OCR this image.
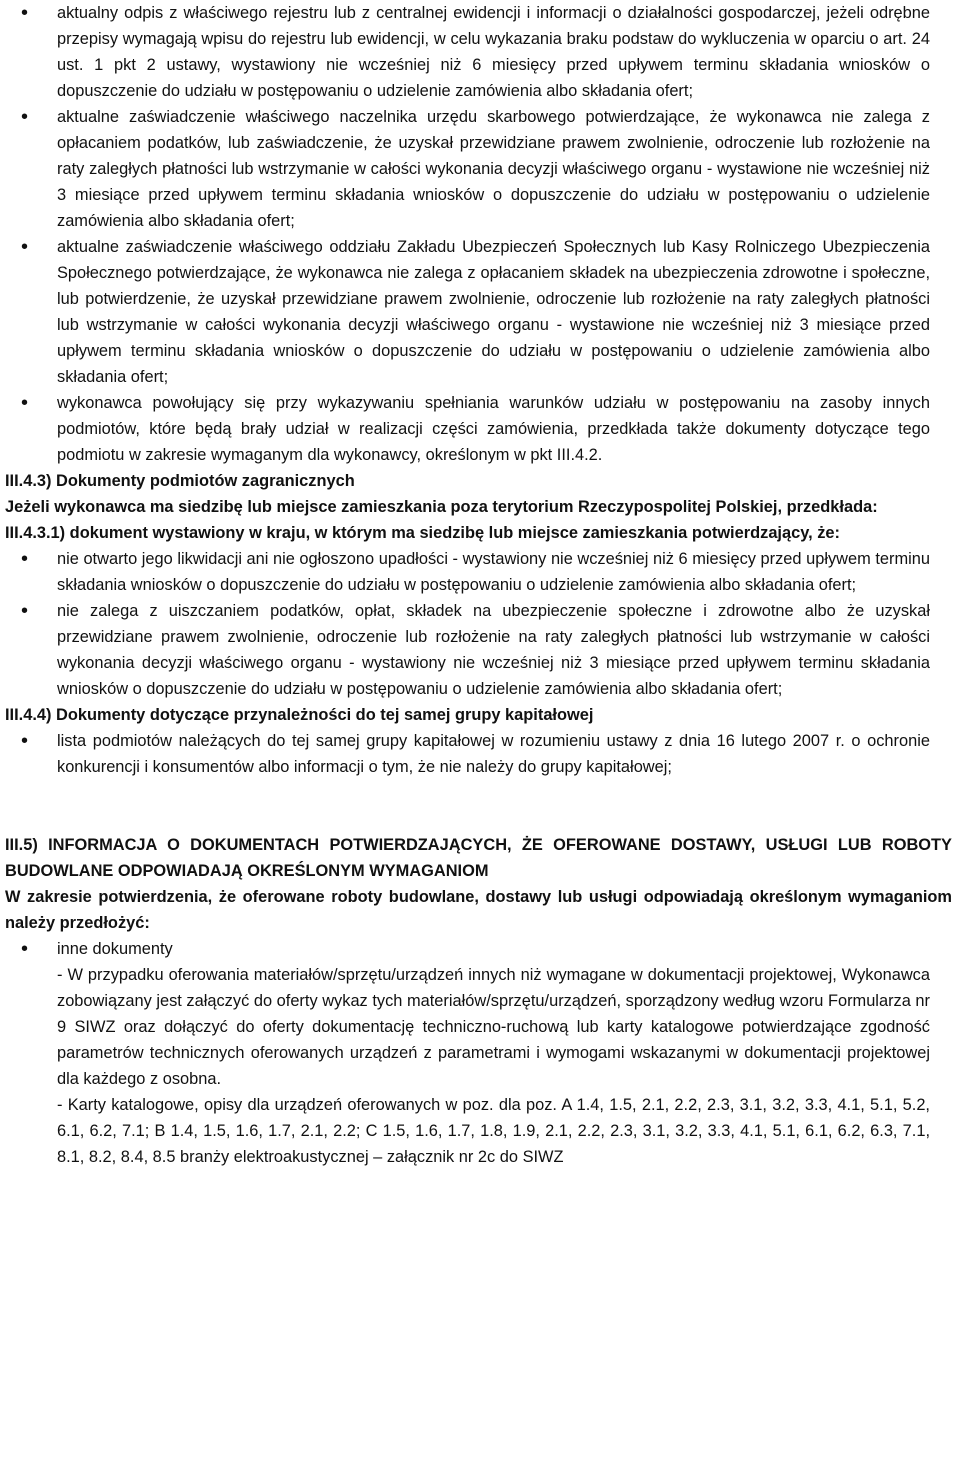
• aktualny odpis z właściwego rejestru lub z centralnej ewidencji i informacji o działalności gospodarczej, jeżeli odrębne przepisy wymagają wpisu do rejestru lub ewidencji, w celu wykazania braku podstaw do wykluczenia w oparciu o art. 24 ust. 1 pkt 2 ustawy, wystawiony nie wcześniej niż 6 miesięcy przed upływem terminu składania wniosków o dopuszczenie do udziału w postępowaniu o udzielenie zamówienia albo składania ofert;
• aktualne zaświadczenie właściwego naczelnika urzędu skarbowego potwierdzające, że wykonawca nie zalega z opłacaniem podatków, lub zaświadczenie, że uzyskał przewidziane prawem zwolnienie, odroczenie lub rozłożenie na raty zaległych płatności lub wstrzymanie w całości wykonania decyzji właściwego organu - wystawione nie wcześniej niż 3 miesiące przed upływem terminu składania wniosków o dopuszczenie do udziału w postępowaniu o udzielenie zamówienia albo składania ofert;
• aktualne zaświadczenie właściwego oddziału Zakładu Ubezpieczeń Społecznych lub Kasy Rolniczego Ubezpieczenia Społecznego potwierdzające, że wykonawca nie zalega z opłacaniem składek na ubezpieczenia zdrowotne i społeczne, lub potwierdzenie, że uzyskał przewidziane prawem zwolnienie, odroczenie lub rozłożenie na raty zaległych płatności lub wstrzymanie w całości wykonania decyzji właściwego organu - wystawione nie wcześniej niż 3 miesiące przed upływem terminu składania wniosków o dopuszczenie do udziału w postępowaniu o udzielenie zamówienia albo składania ofert;
• wykonawca powołujący się przy wykazywaniu spełniania warunków udziału w postępowaniu na zasoby innych podmiotów, które będą brały udział w realizacji części zamówienia, przedkłada także dokumenty dotyczące tego podmiotu w zakresie wymaganym dla wykonawcy, określonym w pkt III.4.2.
III.4.3) Dokumenty podmiotów zagranicznych
Jeżeli wykonawca ma siedzibę lub miejsce zamieszkania poza terytorium Rzeczypospolitej Polskiej, przedkłada:
III.4.3.1) dokument wystawiony w kraju, w którym ma siedzibę lub miejsce zamieszkania potwierdzający, że:
• nie otwarto jego likwidacji ani nie ogłoszono upadłości - wystawiony nie wcześniej niż 6 miesięcy przed upływem terminu składania wniosków o dopuszczenie do udziału w postępowaniu o udzielenie zamówienia albo składania ofert;
• nie zalega z uiszczaniem podatków, opłat, składek na ubezpieczenie społeczne i zdrowotne albo że uzyskał przewidziane prawem zwolnienie, odroczenie lub rozłożenie na raty zaległych płatności lub wstrzymanie w całości wykonania decyzji właściwego organu - wystawiony nie wcześniej niż 3 miesiące przed upływem terminu składania wniosków o dopuszczenie do udziału w postępowaniu o udzielenie zamówienia albo składania ofert;
III.4.4) Dokumenty dotyczące przynależności do tej samej grupy kapitałowej
• lista podmiotów należących do tej samej grupy kapitałowej w rozumieniu ustawy z dnia 16 lutego 2007 r. o ochronie konkurencji i konsumentów albo informacji o tym, że nie należy do grupy kapitałowej;
III.5) INFORMACJA O DOKUMENTACH POTWIERDZAJĄCYCH, ŻE OFEROWANE DOSTAWY, USŁUGI LUB ROBOTY BUDOWLANE ODPOWIADAJĄ OKREŚLONYM WYMAGANIOM
W zakresie potwierdzenia, że oferowane roboty budowlane, dostawy lub usługi odpowiadają określonym wymaganiom należy przedłożyć:
• inne dokumenty
- W przypadku oferowania materiałów/sprzętu/urządzeń innych niż wymagane w dokumentacji projektowej, Wykonawca zobowiązany jest załączyć do oferty wykaz tych materiałów/sprzętu/urządzeń, sporządzony według wzoru Formularza nr 9 SIWZ oraz dołączyć do oferty dokumentację techniczno-ruchową lub karty katalogowe potwierdzające zgodność parametrów technicznych oferowanych urządzeń z parametrami i wymogami wskazanymi w dokumentacji projektowej dla każdego z osobna.
- Karty katalogowe, opisy dla urządzeń oferowanych w poz. dla poz. A 1.4, 1.5, 2.1, 2.2, 2.3, 3.1, 3.2, 3.3, 4.1, 5.1, 5.2, 6.1, 6.2, 7.1; B 1.4, 1.5, 1.6, 1.7, 2.1, 2.2; C 1.5, 1.6, 1.7, 1.8, 1.9, 2.1, 2.2, 2.3, 3.1, 3.2, 3.3, 4.1, 5.1, 6.1, 6.2, 6.3, 7.1, 8.1, 8.2, 8.4, 8.5 branży elektroakustycznej – załącznik nr 2c do SIWZ
